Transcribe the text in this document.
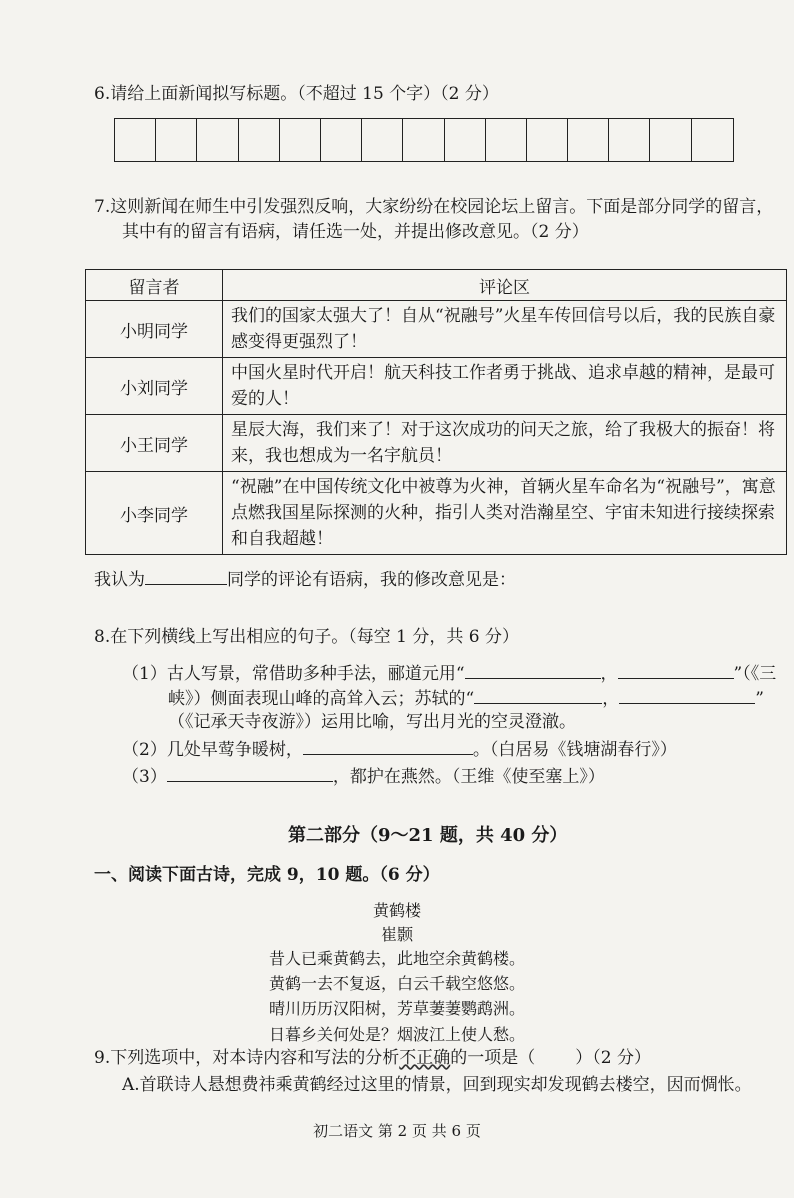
6.请给上面新闻拟写标题。（不超过 15 个字）（2 分）
7.这则新闻在师生中引发强烈反响，大家纷纷在校园论坛上留言。下面是部分同学的留言，
其中有的留言有语病，请任选一处，并提出修改意见。（2 分）
留言者	评论区
小明同学	我们的国家太强大了！自从“祝融号”火星车传回信号以后，我的民族自豪感变得更强烈了！
小刘同学	中国火星时代开启！航天科技工作者勇于挑战、追求卓越的精神，是最可爱的人！
小王同学	星辰大海，我们来了！对于这次成功的问天之旅，给了我极大的振奋！将来，我也想成为一名宇航员！
小李同学	“祝融”在中国传统文化中被尊为火神，首辆火星车命名为“祝融号”，寓意点燃我国星际探测的火种，指引人类对浩瀚星空、宇宙未知进行接续探索和自我超越！
我认为	同学的评论有语病，我的修改意见是：
8.在下列横线上写出相应的句子。（每空 1 分，共 6 分）
（1）古人写景，常借助多种手法，郦道元用“	，	”（《三
峡》）侧面表现山峰的高耸入云；苏轼的“	，	”
（《记承天寺夜游》）运用比喻，写出月光的空灵澄澈。
（2）几处早莺争暖树，	。（白居易《钱塘湖春行》）
（3）	，都护在燕然。（王维《使至塞上》）
第二部分（9～21 题，共 40 分）
一、阅读下面古诗，完成 9，10 题。（6 分）
黄鹤楼
崔颢
昔人已乘黄鹤去，此地空余黄鹤楼。
黄鹤一去不复返，白云千载空悠悠。
晴川历历汉阳树，芳草萋萋鹦鹉洲。
日暮乡关何处是？烟波江上使人愁。
9.下列选项中，对本诗内容和写法的分析不正确的一项是（ ）（2 分）
A.首联诗人悬想费祎乘黄鹤经过这里的情景，回到现实却发现鹤去楼空，因而惆怅。
初二语文 第 2 页 共 6 页
